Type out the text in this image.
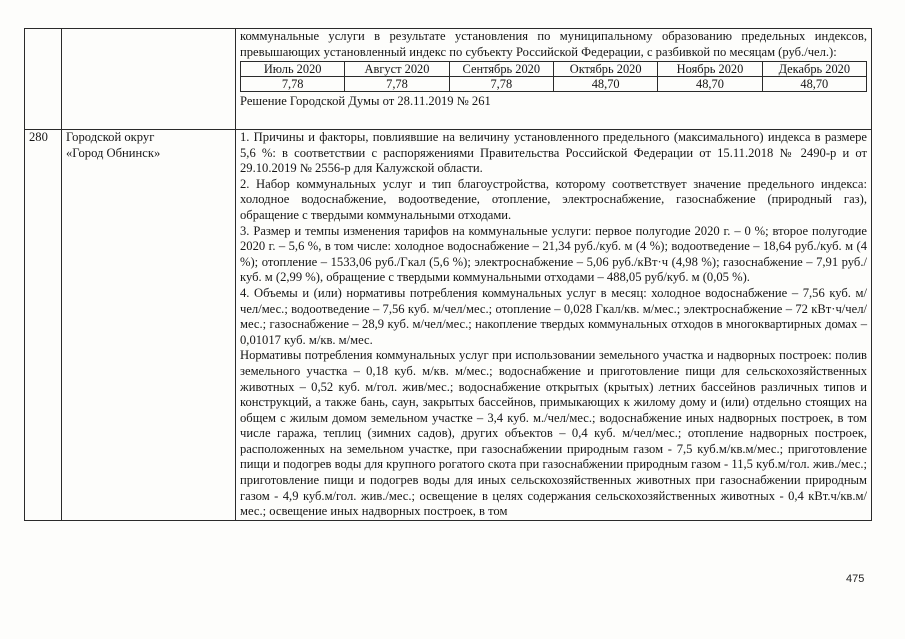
коммунальные услуги в результате установления по муниципальному образованию предельных индексов, превышающих установленный индекс по субъекту Российской Федерации, с разбивкой по месяцам (руб./чел.):

Июль 2020	Август 2020	Сентябрь 2020	Октябрь 2020	Ноябрь 2020	Декабрь 2020
7,78	7,78	7,78	48,70	48,70	48,70

Решение Городской Думы от 28.11.2019 № 261

280	Городской округ
«Город Обнинск»

1. Причины и факторы, повлиявшие на величину установленного предельного (максимального) индекса в размере 5,6 %: в соответствии с распоряжениями Правительства Российской Федерации от 15.11.2018 № 2490-р и от 29.10.2019 № 2556-р для Калужской области.

2. Набор коммунальных услуг и тип благоустройства, которому соответствует значение предельного индекса: холодное водоснабжение, водоотведение, отопление, электроснабжение, газоснабжение (природный газ), обращение с твердыми коммунальными отходами.

3. Размер и темпы изменения тарифов на коммунальные услуги: первое полугодие 2020 г. – 0 %; второе полугодие 2020 г. – 5,6 %, в том числе: холодное водоснабжение – 21,34 руб./куб. м (4 %); водоотведение – 18,64 руб./куб. м (4 %); отопление – 1533,06 руб./Гкал (5,6 %); электроснабжение – 5,06 руб./кВт·ч (4,98 %); газоснабжение – 7,91 руб./куб. м (2,99 %), обращение с твердыми коммунальными отходами – 488,05 руб/куб. м (0,05 %).

4. Объемы и (или) нормативы потребления коммунальных услуг в месяц: холодное водоснабжение – 7,56 куб. м/чел/мес.; водоотведение – 7,56 куб. м/чел/мес.; отопление – 0,028 Гкал/кв. м/мес.; электроснабжение – 72 кВт·ч/чел/мес.; газоснабжение – 28,9 куб. м/чел/мес.; накопление твердых коммунальных отходов в многоквартирных домах – 0,01017 куб. м/кв. м/мес.

Нормативы потребления коммунальных услуг при использовании земельного участка и надворных построек: полив земельного участка – 0,18 куб. м/кв. м/мес.; водоснабжение и приготовление пищи для сельскохозяйственных животных – 0,52 куб. м/гол. жив/мес.; водоснабжение открытых (крытых) летних бассейнов различных типов и конструкций, а также бань, саун, закрытых бассейнов, примыкающих к жилому дому и (или) отдельно стоящих на общем с жилым домом земельном участке – 3,4 куб. м./чел/мес.; водоснабжение иных надворных построек, в том числе гаража, теплиц (зимних садов), других объектов – 0,4 куб. м/чел/мес.; отопление надворных построек, расположенных на земельном участке, при газоснабжении природным газом - 7,5 куб.м/кв.м/мес.; приготовление пищи и подогрев воды для крупного рогатого скота при газоснабжении природным газом - 11,5 куб.м/гол. жив./мес.; приготовление пищи и подогрев воды для иных сельскохозяйственных животных при газоснабжении природным газом - 4,9 куб.м/гол. жив./мес.; освещение в целях содержания сельскохозяйственных животных - 0,4 кВт.ч/кв.м/мес.; освещение иных надворных построек, в том

475
